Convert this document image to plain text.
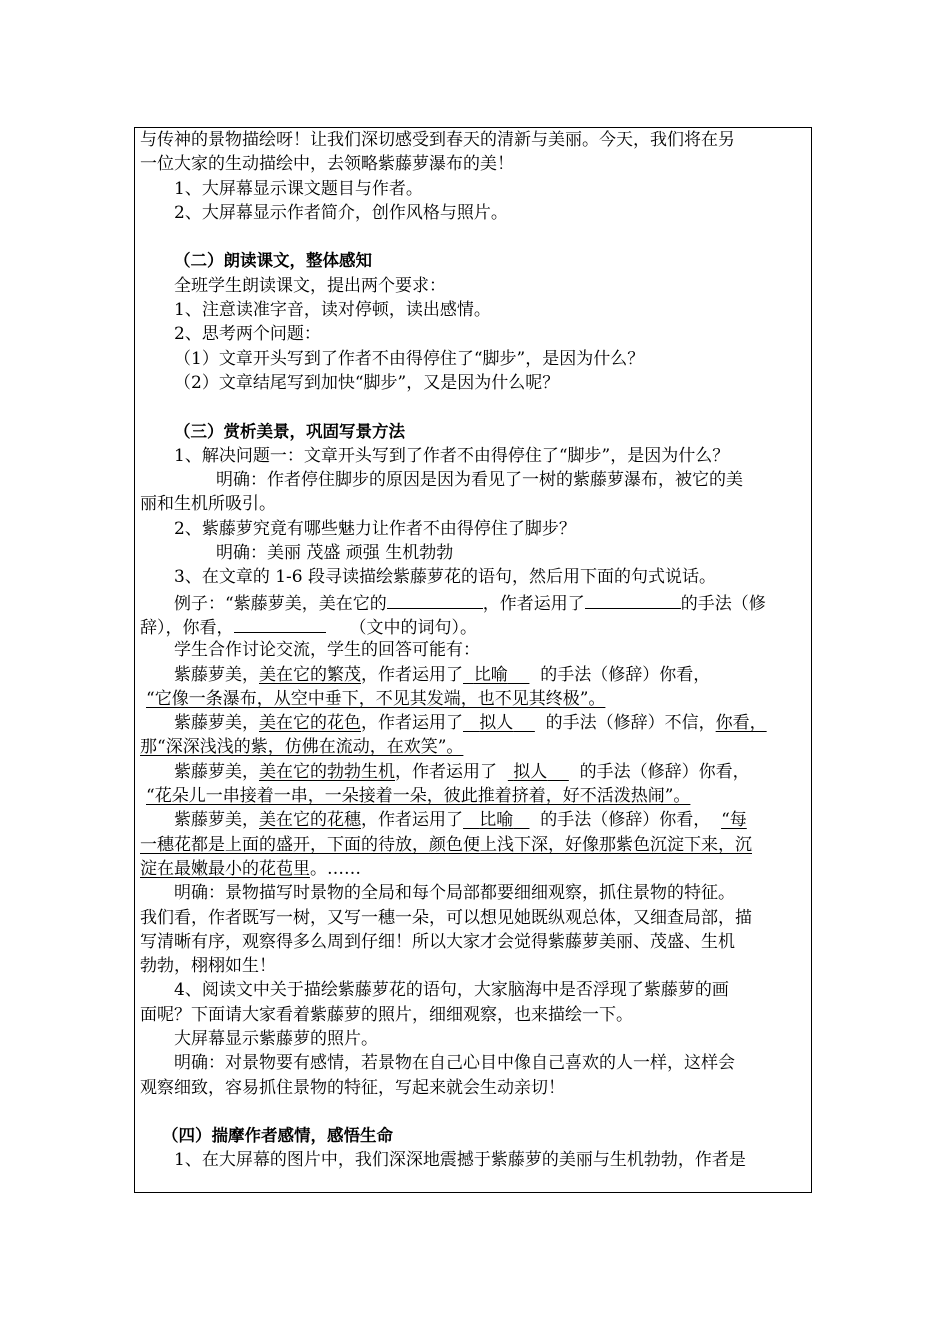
与传神的景物描绘呀！让我们深切感受到春天的清新与美丽。今天，我们将在另
一位大家的生动描绘中，去领略紫藤萝瀑布的美！
1、大屏幕显示课文题目与作者。
2、大屏幕显示作者简介，创作风格与照片。
（二）朗读课文，整体感知
全班学生朗读课文，提出两个要求：
1、注意读准字音，读对停顿，读出感情。
2、思考两个问题：
（1）文章开头写到了作者不由得停住了“脚步”，是因为什么？
（2）文章结尾写到加快“脚步”，又是因为什么呢？
（三）赏析美景，巩固写景方法
1、解决问题一：文章开头写到了作者不由得停住了“脚步”，是因为什么？
明确：作者停住脚步的原因是因为看见了一树的紫藤萝瀑布，被它的美
丽和生机所吸引。
2、紫藤萝究竟有哪些魅力让作者不由得停住了脚步？
明确：美丽 茂盛 顽强 生机勃勃
3、在文章的 1-6 段寻读描绘紫藤萝花的语句，然后用下面的句式说话。
例子：“紫藤萝美，美在它的	，作者运用了	的手法（修
辞），你看，	（文中的词句）。
学生合作讨论交流，学生的回答可能有：
紫藤萝美，美在它的繁茂，作者运用了 比喻 的手法（修辞）你看，
“它像一条瀑布，从空中垂下，不见其发端，也不见其终极”。
紫藤萝美，美在它的花色，作者运用了 拟人 的手法（修辞）不信，你看，
那“深深浅浅的紫，仿佛在流动，在欢笑”。
紫藤萝美，美在它的勃勃生机，作者运用了 拟人 的手法（修辞）你看，
“花朵儿一串接着一串，一朵接着一朵，彼此推着挤着，好不活泼热闹”。
紫藤萝美，美在它的花穗，作者运用了 比喻 的手法（修辞）你看， “每
一穗花都是上面的盛开，下面的待放，颜色便上浅下深，好像那紫色沉淀下来，沉
淀在最嫩最小的花苞里。……
明确：景物描写时景物的全局和每个局部都要细细观察，抓住景物的特征。
我们看，作者既写一树，又写一穗一朵，可以想见她既纵观总体，又细查局部，描
写清晰有序，观察得多么周到仔细！所以大家才会觉得紫藤萝美丽、茂盛、生机
勃勃，栩栩如生！
4、阅读文中关于描绘紫藤萝花的语句，大家脑海中是否浮现了紫藤萝的画
面呢？下面请大家看着紫藤萝的照片，细细观察，也来描绘一下。
大屏幕显示紫藤萝的照片。
明确：对景物要有感情，若景物在自己心目中像自己喜欢的人一样，这样会
观察细致，容易抓住景物的特征，写起来就会生动亲切！
（四）揣摩作者感情，感悟生命
1、在大屏幕的图片中，我们深深地震撼于紫藤萝的美丽与生机勃勃，作者是
